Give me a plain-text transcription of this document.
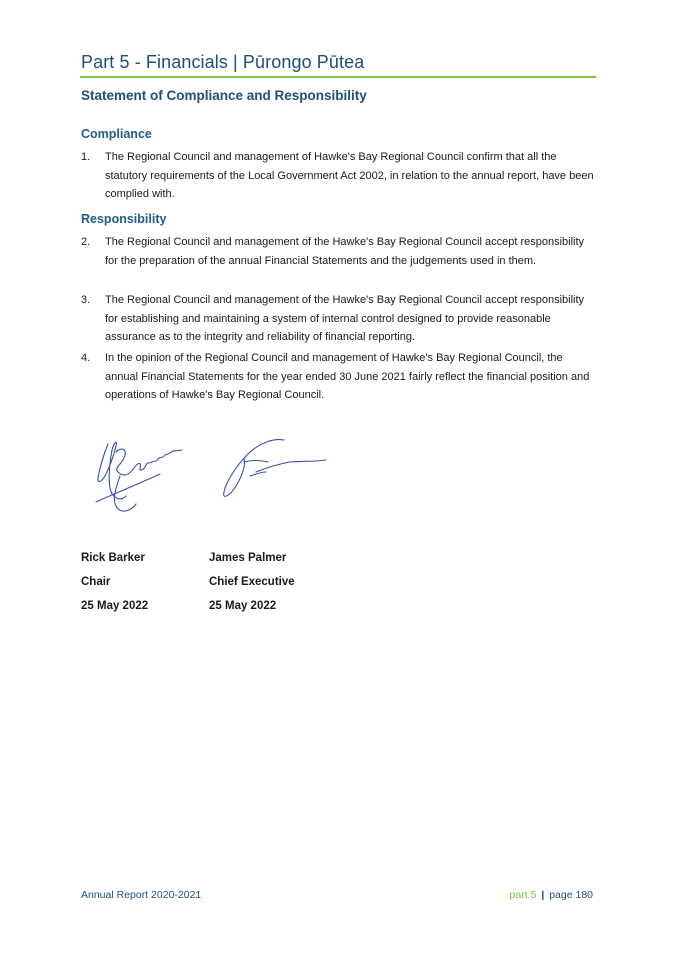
Part 5 - Financials | Pūrongo Pūtea
Statement of Compliance and Responsibility
Compliance
1. The Regional Council and management of Hawke's Bay Regional Council confirm that all the statutory requirements of the Local Government Act 2002, in relation to the annual report, have been complied with.
Responsibility
2. The Regional Council and management of the Hawke's Bay Regional Council accept responsibility for the preparation of the annual Financial Statements and the judgements used in them.
3. The Regional Council and management of the Hawke's Bay Regional Council accept responsibility for establishing and maintaining a system of internal control designed to provide reasonable assurance as to the integrity and reliability of financial reporting.
4. In the opinion of the Regional Council and management of Hawke's Bay Regional Council, the annual Financial Statements for the year ended 30 June 2021 fairly reflect the financial position and operations of Hawke's Bay Regional Council.
Rick Barker
Chair
25 May 2022
James Palmer
Chief Executive
25 May 2022
Annual Report 2020-2021	part 5 | page 180
